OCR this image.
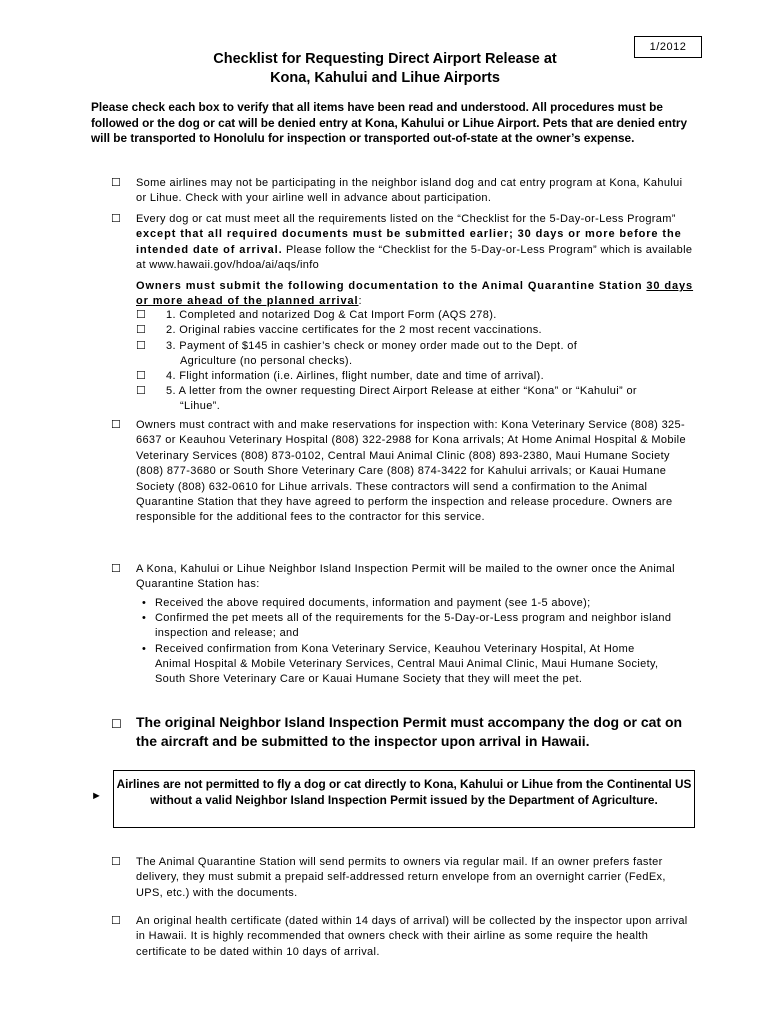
1/2012
Checklist for Requesting Direct Airport Release at
Kona, Kahului and Lihue Airports
Please check each box to verify that all items have been read and understood. All procedures must be followed or the dog or cat will be denied entry at Kona, Kahului or Lihue Airport. Pets that are denied entry will be transported to Honolulu for inspection or transported out-of-state at the owner’s expense.
☐ Some airlines may not be participating in the neighbor island dog and cat entry program at Kona, Kahului or Lihue. Check with your airline well in advance about participation.
☐ Every dog or cat must meet all the requirements listed on the “Checklist for the 5-Day-or-Less Program” except that all required documents must be submitted earlier; 30 days or more before the intended date of arrival. Please follow the “Checklist for the 5-Day-or-Less Program” which is available at www.hawaii.gov/hdoa/ai/aqs/info
Owners must submit the following documentation to the Animal Quarantine Station 30 days or more ahead of the planned arrival:
☐ 1. Completed and notarized Dog & Cat Import Form (AQS 278).
☐ 2. Original rabies vaccine certificates for the 2 most recent vaccinations.
☐ 3. Payment of $145 in cashier’s check or money order made out to the Dept. of Agriculture (no personal checks).
☐ 4. Flight information (i.e. Airlines, flight number, date and time of arrival).
☐ 5. A letter from the owner requesting Direct Airport Release at either “Kona” or “Kahului” or “Lihue”.
☐ Owners must contract with and make reservations for inspection with: Kona Veterinary Service (808) 325-6637 or Keauhou Veterinary Hospital (808) 322-2988 for Kona arrivals; At Home Animal Hospital & Mobile Veterinary Services (808) 873-0102, Central Maui Animal Clinic (808) 893-2380, Maui Humane Society (808) 877-3680 or South Shore Veterinary Care (808) 874-3422 for Kahului arrivals; or Kauai Humane Society (808) 632-0610 for Lihue arrivals. These contractors will send a confirmation to the Animal Quarantine Station that they have agreed to perform the inspection and release procedure. Owners are responsible for the additional fees to the contractor for this service.
☐ A Kona, Kahului or Lihue Neighbor Island Inspection Permit will be mailed to the owner once the Animal Quarantine Station has:
• Received the above required documents, information and payment (see 1-5 above);
• Confirmed the pet meets all of the requirements for the 5-Day-or-Less program and neighbor island inspection and release; and
• Received confirmation from Kona Veterinary Service, Keauhou Veterinary Hospital, At Home Animal Hospital & Mobile Veterinary Services, Central Maui Animal Clinic, Maui Humane Society, South Shore Veterinary Care or Kauai Humane Society that they will meet the pet.
☐ The original Neighbor Island Inspection Permit must accompany the dog or cat on the aircraft and be submitted to the inspector upon arrival in Hawaii.
►
Airlines are not permitted to fly a dog or cat directly to Kona, Kahului or Lihue from the Continental US without a valid Neighbor Island Inspection Permit issued by the Department of Agriculture.
☐ The Animal Quarantine Station will send permits to owners via regular mail. If an owner prefers faster delivery, they must submit a prepaid self-addressed return envelope from an overnight carrier (FedEx, UPS, etc.) with the documents.
☐ An original health certificate (dated within 14 days of arrival) will be collected by the inspector upon arrival in Hawaii. It is highly recommended that owners check with their airline as some require the health certificate to be dated within 10 days of arrival.
